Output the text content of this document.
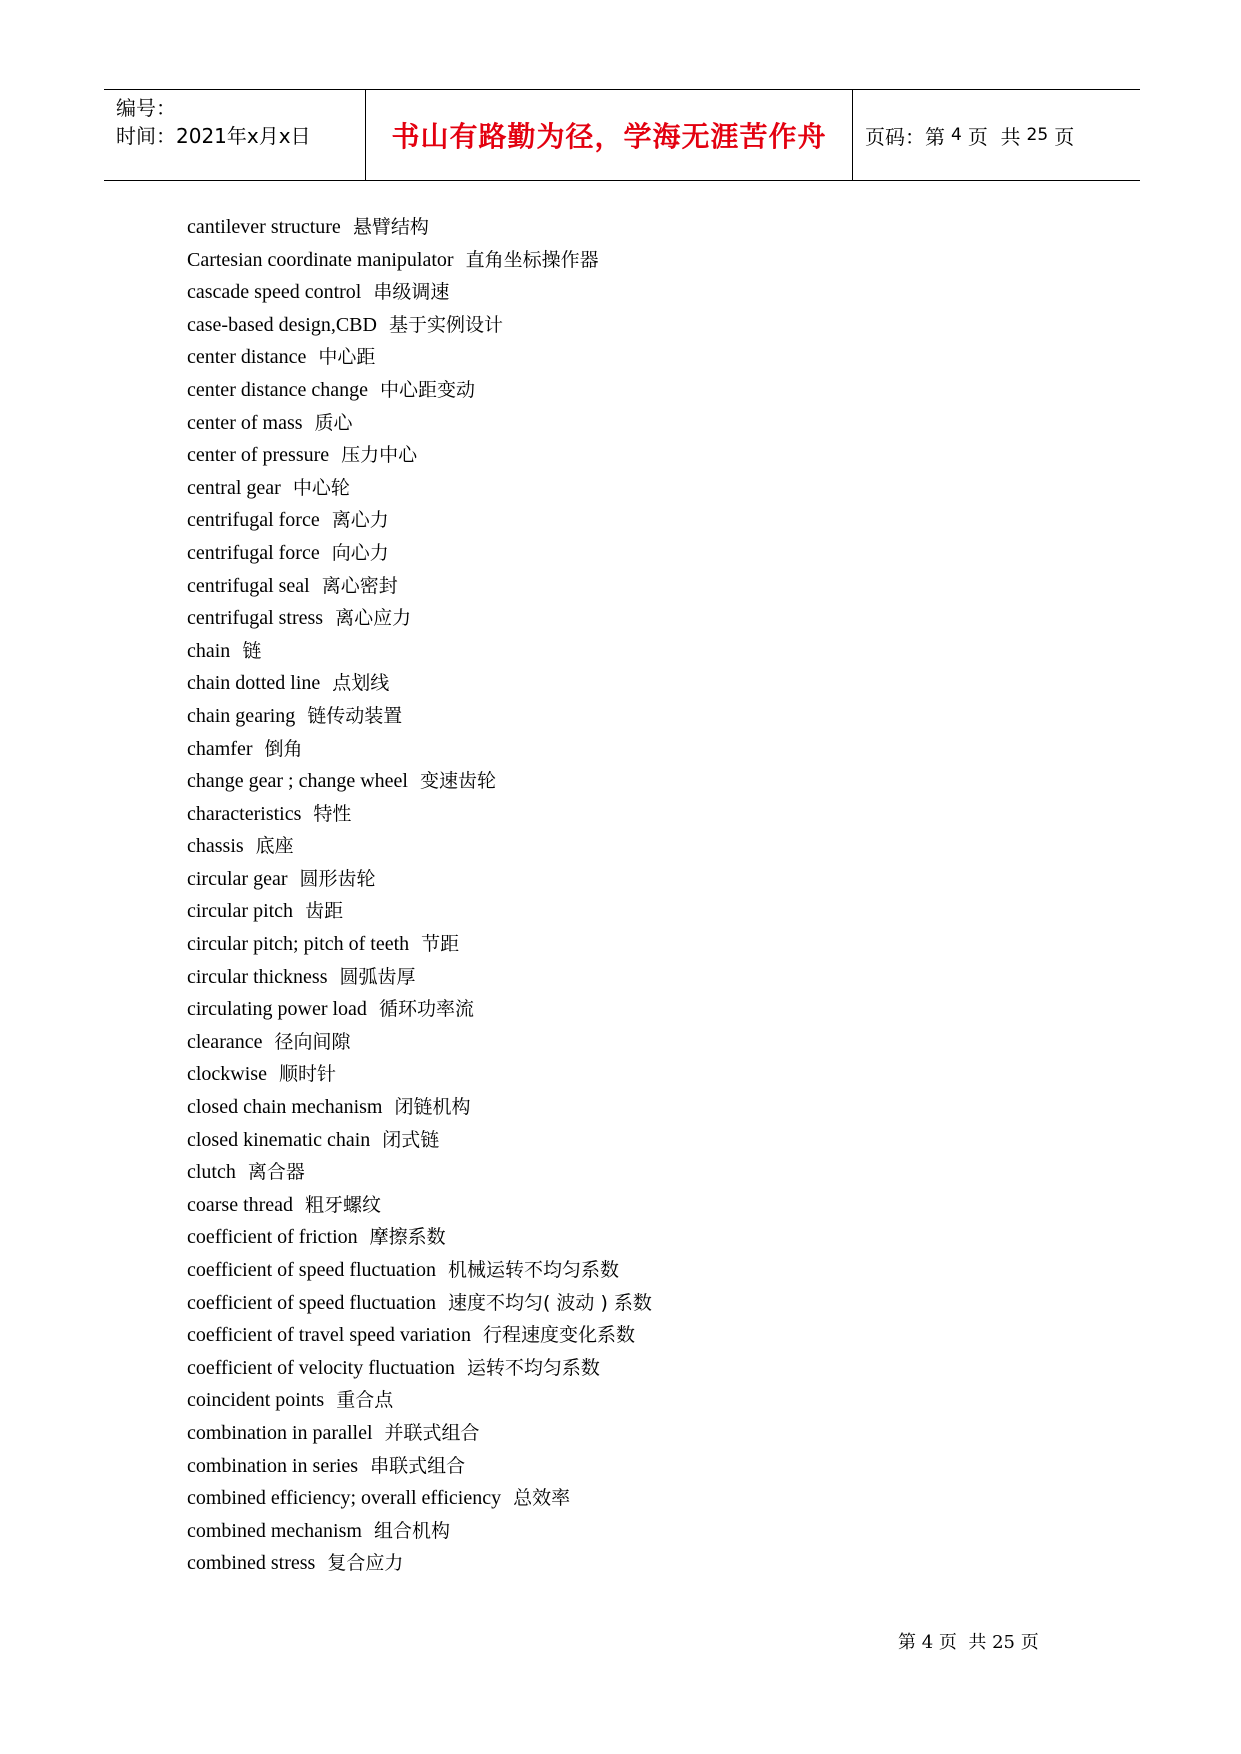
编号：
时间：2021年x月x日	书山有路勤为径，学海无涯苦作舟	页码：第 4 页  共 25 页
cantilever structure 悬臂结构
Cartesian coordinate manipulator 直角坐标操作器
cascade speed control 串级调速
case-based design,CBD 基于实例设计
center distance 中心距
center distance change 中心距变动
center of mass 质心
center of pressure 压力中心
central gear 中心轮
centrifugal force 离心力
centrifugal force 向心力
centrifugal seal 离心密封
centrifugal stress 离心应力
chain 链
chain dotted line 点划线
chain gearing 链传动装置
chamfer 倒角
change gear ; change wheel 变速齿轮
characteristics 特性
chassis 底座
circular gear 圆形齿轮
circular pitch 齿距
circular pitch; pitch of teeth 节距
circular thickness 圆弧齿厚
circulating power load 循环功率流
clearance 径向间隙
clockwise 顺时针
closed chain mechanism 闭链机构
closed kinematic chain 闭式链
clutch 离合器
coarse thread 粗牙螺纹
coefficient of friction 摩擦系数
coefficient of speed fluctuation 机械运转不均匀系数
coefficient of speed fluctuation 速度不均匀( 波动 ) 系数
coefficient of travel speed variation 行程速度变化系数
coefficient of velocity fluctuation 运转不均匀系数
coincident points 重合点
combination in parallel 并联式组合
combination in series 串联式组合
combined efficiency; overall efficiency 总效率
combined mechanism 组合机构
combined stress 复合应力
第 4 页  共 25 页
